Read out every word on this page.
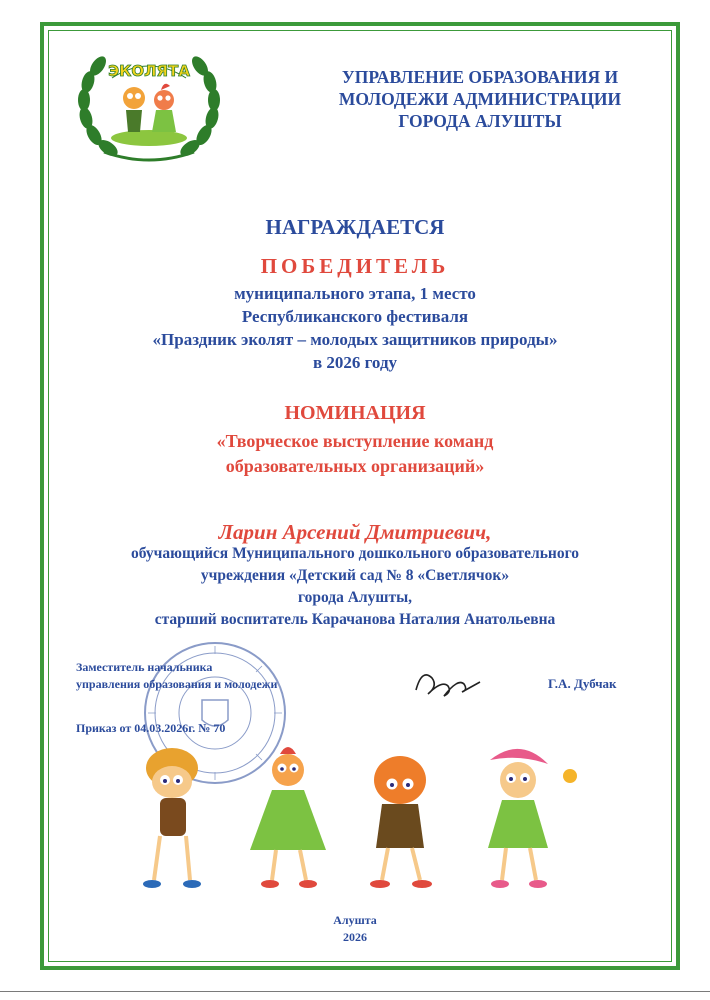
ЭКОЛЯТА	УПРАВЛЕНИЕ ОБРАЗОВАНИЯ И
МОЛОДЕЖИ АДМИНИСТРАЦИИ
ГОРОДА АЛУШТЫ
НАГРАЖДАЕТСЯ
ПОБЕДИТЕЛЬ
муниципального этапа, 1 место
Республиканского фестиваля
«Праздник эколят – молодых защитников природы»
в 2026 году
НОМИНАЦИЯ
«Творческое выступление команд
образовательных организаций»
Ларин Арсений Дмитриевич,
обучающийся Муниципального дошкольного образовательного
учреждения «Детский сад № 8 «Светлячок»
города Алушты,
старший воспитатель Карачанова Наталия Анатольевна
Заместитель начальника
управления образования и молодежи	Г.А. Дубчак
Приказ от 04.03.2026г. № 70
Алушта
2026
